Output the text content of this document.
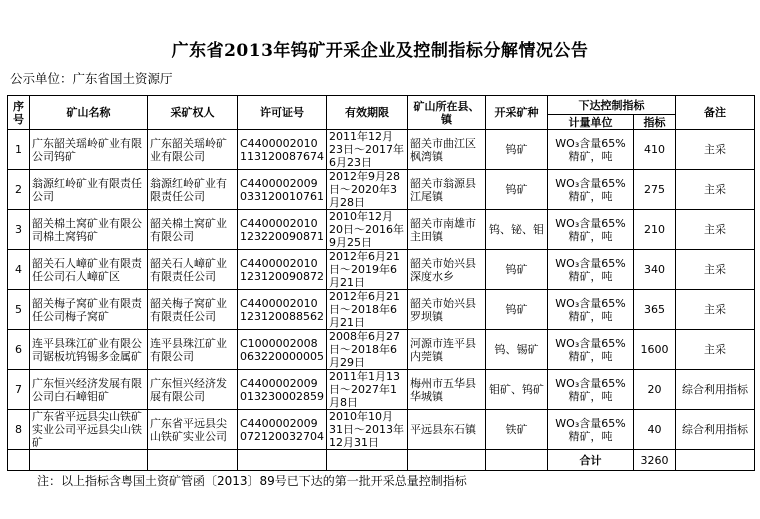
广东省2013年钨矿开采企业及控制指标分解情况公告
公示单位：广东省国土资源厅
序号	矿山名称	采矿权人	许可证号	有效期限	矿山所在县、镇	开采矿种	下达控制指标		备注
							计量单位	指标	
1	广东韶关瑶岭矿业有限公司钨矿	广东韶关瑶岭矿业有限公司	C4400002010113120087674	2011年12月23日～2017年6月23日	韶关市曲江区枫湾镇	钨矿	WO₃含量65%精矿，吨	410	主采
2	翁源红岭矿业有限责任公司	翁源红岭矿业有限责任公司	C4400002009033120010761	2012年9月28日～2020年3月28日	韶关市翁源县江尾镇	钨矿	WO₃含量65%精矿，吨	275	主采
3	韶关棉土窝矿业有限公司棉土窝钨矿	韶关棉土窝矿业有限公司	C4400002010123220090871	2010年12月20日～2016年9月25日	韶关市南雄市主田镇	钨、铋、钼	WO₃含量65%精矿，吨	210	主采
4	韶关石人嶂矿业有限责任公司石人嶂矿区	韶关石人嶂矿业有限责任公司	C4400002010123120090872	2012年6月21日～2019年6月21日	韶关市始兴县深度水乡	钨矿	WO₃含量65%精矿，吨	340	主采
5	韶关梅子窝矿业有限责任公司梅子窝矿	韶关梅子窝矿业有限责任公司	C4400002010123120088562	2012年6月21日～2018年6月21日	韶关市始兴县罗坝镇	钨矿	WO₃含量65%精矿，吨	365	主采
6	连平县珠江矿业有限公司锯板坑钨锡多金属矿	连平县珠江矿业有限公司	C1000002008063220000005	2008年6月27日～2018年6月29日	河源市连平县内莞镇	钨、锡矿	WO₃含量65%精矿，吨	1600	主采
7	广东恒兴经济发展有限公司白石嶂钼矿	广东恒兴经济发展有限公司	C4400002009013230002859	2011年1月13日～2027年1月8日	梅州市五华县华城镇	钼矿、钨矿	WO₃含量65%精矿，吨	20	综合利用指标
8	广东省平远县尖山铁矿实业公司平远县尖山铁矿	广东省平远县尖山铁矿实业公司	C4400002009072120032704	2010年10月31日～2013年12月31日	平远县东石镇	铁矿	WO₃含量65%精矿，吨	40	综合利用指标
							合计	3260	
注：以上指标含粤国土资矿管函〔2013〕89号已下达的第一批开采总量控制指标
